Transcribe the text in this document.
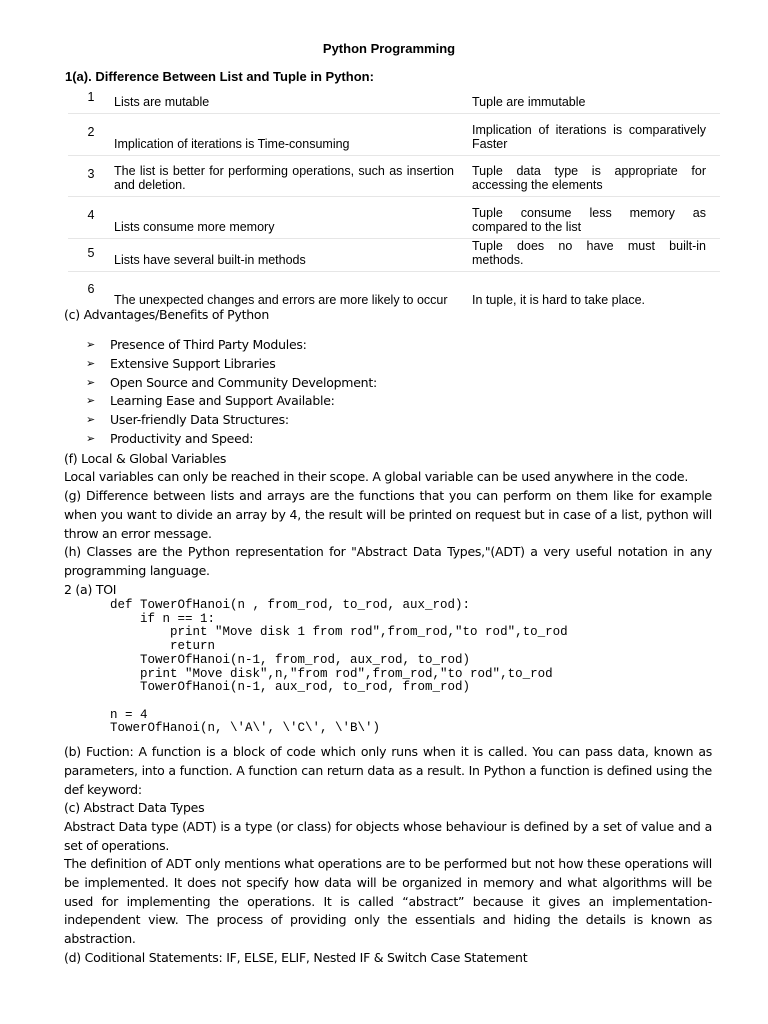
Python Programming
1(a). Difference Between List and Tuple in Python:
1	Lists are mutable	Tuple are immutable
2	Implication of iterations is Time-consuming	Implication of iterations is comparatively Faster
3	The list is better for performing operations, such as insertion and deletion.	Tuple data type is appropriate for accessing the elements
4	Lists consume more memory	Tuple consume less memory as compared to the list
5	Lists have several built-in methods	Tuple does no have must built-in methods.
6	The unexpected changes and errors are more likely to occur	In tuple, it is hard to take place.
(c) Advantages/Benefits of Python
➢ Presence of Third Party Modules:
➢ Extensive Support Libraries
➢ Open Source and Community Development:
➢ Learning Ease and Support Available:
➢ User-friendly Data Structures:
➢ Productivity and Speed:
(f) Local & Global Variables
Local variables can only be reached in their scope. A global variable can be used anywhere in the code.
(g) Difference between lists and arrays are the functions that you can perform on them like for example when you want to divide an array by 4, the result will be printed on request but in case of a list, python will throw an error message.
(h) Classes are the Python representation for "Abstract Data Types,"(ADT) a very useful notation in any programming language.
2 (a) TOI
def TowerOfHanoi(n , from_rod, to_rod, aux_rod):
if n == 1:
print "Move disk 1 from rod",from_rod,"to rod",to_rod
return
TowerOfHanoi(n-1, from_rod, aux_rod, to_rod)
print "Move disk",n,"from rod",from_rod,"to rod",to_rod
TowerOfHanoi(n-1, aux_rod, to_rod, from_rod)

n = 4
TowerOfHanoi(n, \'A\', \'C\', \'B\')
(b) Fuction: A function is a block of code which only runs when it is called. You can pass data, known as parameters, into a function. A function can return data as a result. In Python a function is defined using the def keyword:
(c) Abstract Data Types
Abstract Data type (ADT) is a type (or class) for objects whose behaviour is defined by a set of value and a set of operations.
The definition of ADT only mentions what operations are to be performed but not how these operations will be implemented. It does not specify how data will be organized in memory and what algorithms will be used for implementing the operations. It is called “abstract” because it gives an implementation-independent view. The process of providing only the essentials and hiding the details is known as abstraction.
(d) Coditional Statements: IF, ELSE, ELIF, Nested IF & Switch Case Statement
